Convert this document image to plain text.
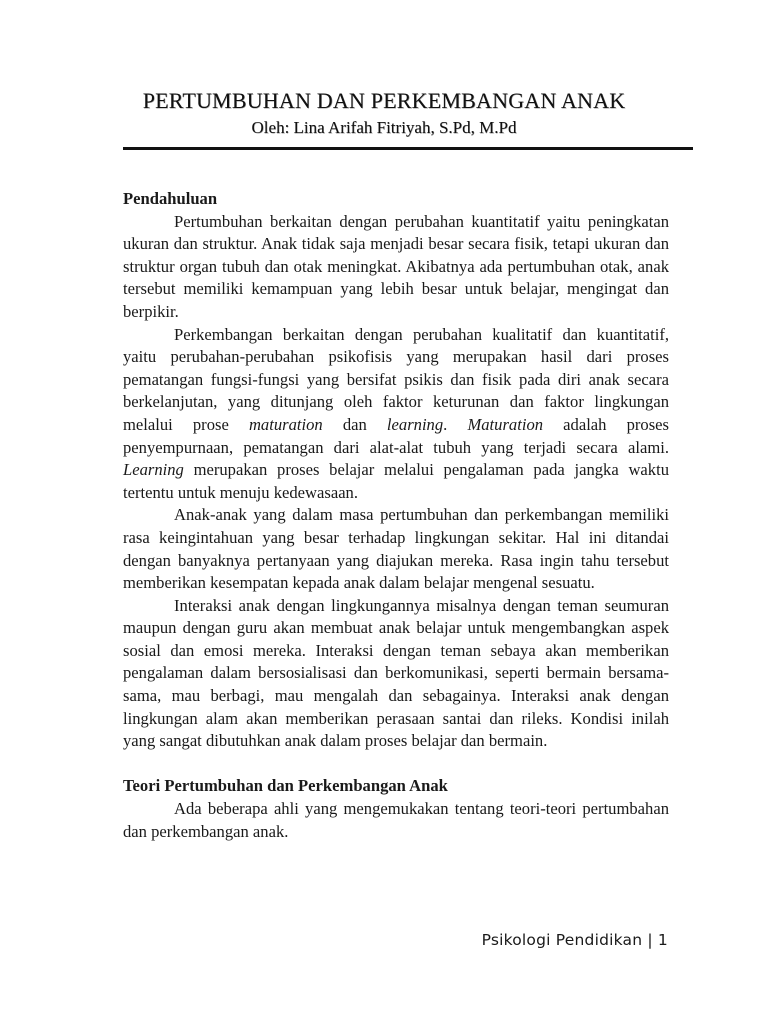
PERTUMBUHAN DAN PERKEMBANGAN ANAK
Oleh: Lina Arifah Fitriyah, S.Pd, M.Pd
Pendahuluan

Pertumbuhan berkaitan dengan perubahan kuantitatif yaitu peningkatan ukuran dan struktur. Anak tidak saja menjadi besar secara fisik, tetapi ukuran dan struktur organ tubuh dan otak meningkat. Akibatnya ada pertumbuhan otak, anak tersebut memiliki kemampuan yang lebih besar untuk belajar, mengingat dan berpikir.

Perkembangan berkaitan dengan perubahan kualitatif dan kuantitatif, yaitu perubahan-perubahan psikofisis yang merupakan hasil dari proses pematangan fungsi-fungsi yang bersifat psikis dan fisik pada diri anak secara berkelanjutan, yang ditunjang oleh faktor keturunan dan faktor lingkungan melalui prose maturation dan learning. Maturation adalah proses penyempurnaan, pematangan dari alat-alat tubuh yang terjadi secara alami. Learning merupakan proses belajar melalui pengalaman pada jangka waktu tertentu untuk menuju kedewasaan.

Anak-anak yang dalam masa pertumbuhan dan perkembangan memiliki rasa keingintahuan yang besar terhadap lingkungan sekitar. Hal ini ditandai dengan banyaknya pertanyaan yang diajukan mereka. Rasa ingin tahu tersebut memberikan kesempatan kepada anak dalam belajar mengenal sesuatu.

Interaksi anak dengan lingkungannya misalnya dengan teman seumuran maupun dengan guru akan membuat anak belajar untuk mengembangkan aspek sosial dan emosi mereka. Interaksi dengan teman sebaya akan memberikan pengalaman dalam bersosialisasi dan berkomunikasi, seperti bermain bersama-sama, mau berbagi, mau mengalah dan sebagainya. Interaksi anak dengan lingkungan alam akan memberikan perasaan santai dan rileks. Kondisi inilah yang sangat dibutuhkan anak dalam proses belajar dan bermain.

Teori Pertumbuhan dan Perkembangan Anak

Ada beberapa ahli yang mengemukakan tentang teori-teori pertumbahan dan perkembangan anak.

Psikologi Pendidikan | 1
